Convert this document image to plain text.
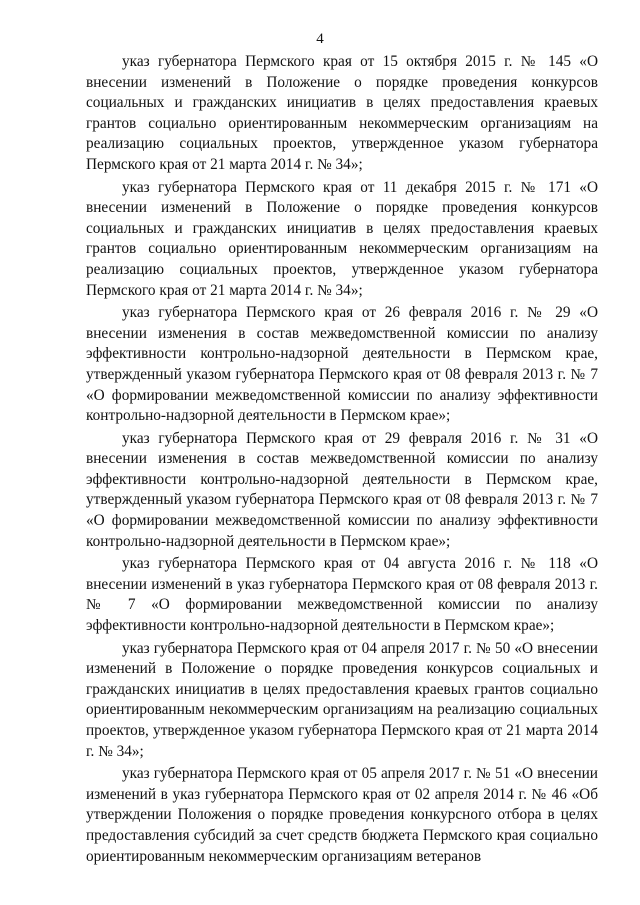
4

указ губернатора Пермского края от 15 октября 2015 г. № 145 «О внесении изменений в Положение о порядке проведения конкурсов социальных и гражданских инициатив в целях предоставления краевых грантов социально ориентированным некоммерческим организациям на реализацию социальных проектов, утвержденное указом губернатора Пермского края от 21 марта 2014 г. № 34»;

указ губернатора Пермского края от 11 декабря 2015 г. № 171 «О внесении изменений в Положение о порядке проведения конкурсов социальных и гражданских инициатив в целях предоставления краевых грантов социально ориентированным некоммерческим организациям на реализацию социальных проектов, утвержденное указом губернатора Пермского края от 21 марта 2014 г. № 34»;

указ губернатора Пермского края от 26 февраля 2016 г. № 29 «О внесении изменения в состав межведомственной комиссии по анализу эффективности контрольно-надзорной деятельности в Пермском крае, утвержденный указом губернатора Пермского края от 08 февраля 2013 г. № 7 «О формировании межведомственной комиссии по анализу эффективности контрольно-надзорной деятельности в Пермском крае»;

указ губернатора Пермского края от 29 февраля 2016 г. № 31 «О внесении изменения в состав межведомственной комиссии по анализу эффективности контрольно-надзорной деятельности в Пермском крае, утвержденный указом губернатора Пермского края от 08 февраля 2013 г. № 7 «О формировании межведомственной комиссии по анализу эффективности контрольно-надзорной деятельности в Пермском крае»;

указ губернатора Пермского края от 04 августа 2016 г. № 118 «О внесении изменений в указ губернатора Пермского края от 08 февраля 2013 г. № 7 «О формировании межведомственной комиссии по анализу эффективности контрольно-надзорной деятельности в Пермском крае»;

указ губернатора Пермского края от 04 апреля 2017 г. № 50 «О внесении изменений в Положение о порядке проведения конкурсов социальных и гражданских инициатив в целях предоставления краевых грантов социально ориентированным некоммерческим организациям на реализацию социальных проектов, утвержденное указом губернатора Пермского края от 21 марта 2014 г. № 34»;

указ губернатора Пермского края от 05 апреля 2017 г. № 51 «О внесении изменений в указ губернатора Пермского края от 02 апреля 2014 г. № 46 «Об утверждении Положения о порядке проведения конкурсного отбора в целях предоставления субсидий за счет средств бюджета Пермского края социально ориентированным некоммерческим организациям ветеранов
